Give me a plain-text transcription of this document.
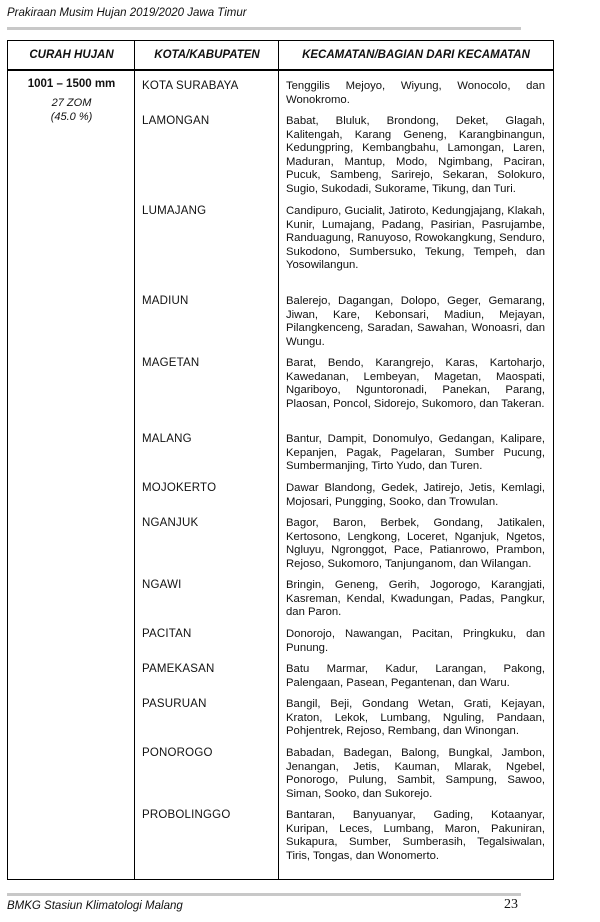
Prakiraan Musim Hujan 2019/2020 Jawa Timur
CURAH HUJAN	KOTA/KABUPATEN	KECAMATAN/BAGIAN DARI KECAMATAN
1001 – 1500 mm
27 ZOM
(45.0 %)
KOTA SURABAYA	Tenggilis Mejoyo, Wiyung, Wonocolo, dan Wonokromo.
LAMONGAN	Babat, Bluluk, Brondong, Deket, Glagah, Kalitengah, Karang Geneng, Karangbinangun, Kedungpring, Kembangbahu, Lamongan, Laren, Maduran, Mantup, Modo, Ngimbang, Paciran, Pucuk, Sambeng, Sarirejo, Sekaran, Solokuro, Sugio, Sukodadi, Sukorame, Tikung, dan Turi.
LUMAJANG	Candipuro, Gucialit, Jatiroto, Kedungjajang, Klakah, Kunir, Lumajang, Padang, Pasirian, Pasrujambe, Randuagung, Ranuyoso, Rowokangkung, Senduro, Sukodono, Sumbersuko, Tekung, Tempeh, dan Yosowilangun.
MADIUN	Balerejo, Dagangan, Dolopo, Geger, Gemarang, Jiwan, Kare, Kebonsari, Madiun, Mejayan, Pilangkenceng, Saradan, Sawahan, Wonoasri, dan Wungu.
MAGETAN	Barat, Bendo, Karangrejo, Karas, Kartoharjo, Kawedanan, Lembeyan, Magetan, Maospati, Ngariboyo, Nguntoronadi, Panekan, Parang, Plaosan, Poncol, Sidorejo, Sukomoro, dan Takeran.
MALANG	Bantur, Dampit, Donomulyo, Gedangan, Kalipare, Kepanjen, Pagak, Pagelaran, Sumber Pucung, Sumbermanjing, Tirto Yudo, dan Turen.
MOJOKERTO	Dawar Blandong, Gedek, Jatirejo, Jetis, Kemlagi, Mojosari, Pungging, Sooko, dan Trowulan.
NGANJUK	Bagor, Baron, Berbek, Gondang, Jatikalen, Kertosono, Lengkong, Loceret, Nganjuk, Ngetos, Ngluyu, Ngronggot, Pace, Patianrowo, Prambon, Rejoso, Sukomoro, Tanjunganom, dan Wilangan.
NGAWI	Bringin, Geneng, Gerih, Jogorogo, Karangjati, Kasreman, Kendal, Kwadungan, Padas, Pangkur, dan Paron.
PACITAN	Donorojo, Nawangan, Pacitan, Pringkuku, dan Punung.
PAMEKASAN	Batu Marmar, Kadur, Larangan, Pakong, Palengaan, Pasean, Pegantenan, dan Waru.
PASURUAN	Bangil, Beji, Gondang Wetan, Grati, Kejayan, Kraton, Lekok, Lumbang, Nguling, Pandaan, Pohjentrek, Rejoso, Rembang, dan Winongan.
PONOROGO	Babadan, Badegan, Balong, Bungkal, Jambon, Jenangan, Jetis, Kauman, Mlarak, Ngebel, Ponorogo, Pulung, Sambit, Sampung, Sawoo, Siman, Sooko, dan Sukorejo.
PROBOLINGGO	Bantaran, Banyuanyar, Gading, Kotaanyar, Kuripan, Leces, Lumbang, Maron, Pakuniran, Sukapura, Sumber, Sumberasih, Tegalsiwalan, Tiris, Tongas, dan Wonomerto.
BMKG Stasiun Klimatologi Malang	23
